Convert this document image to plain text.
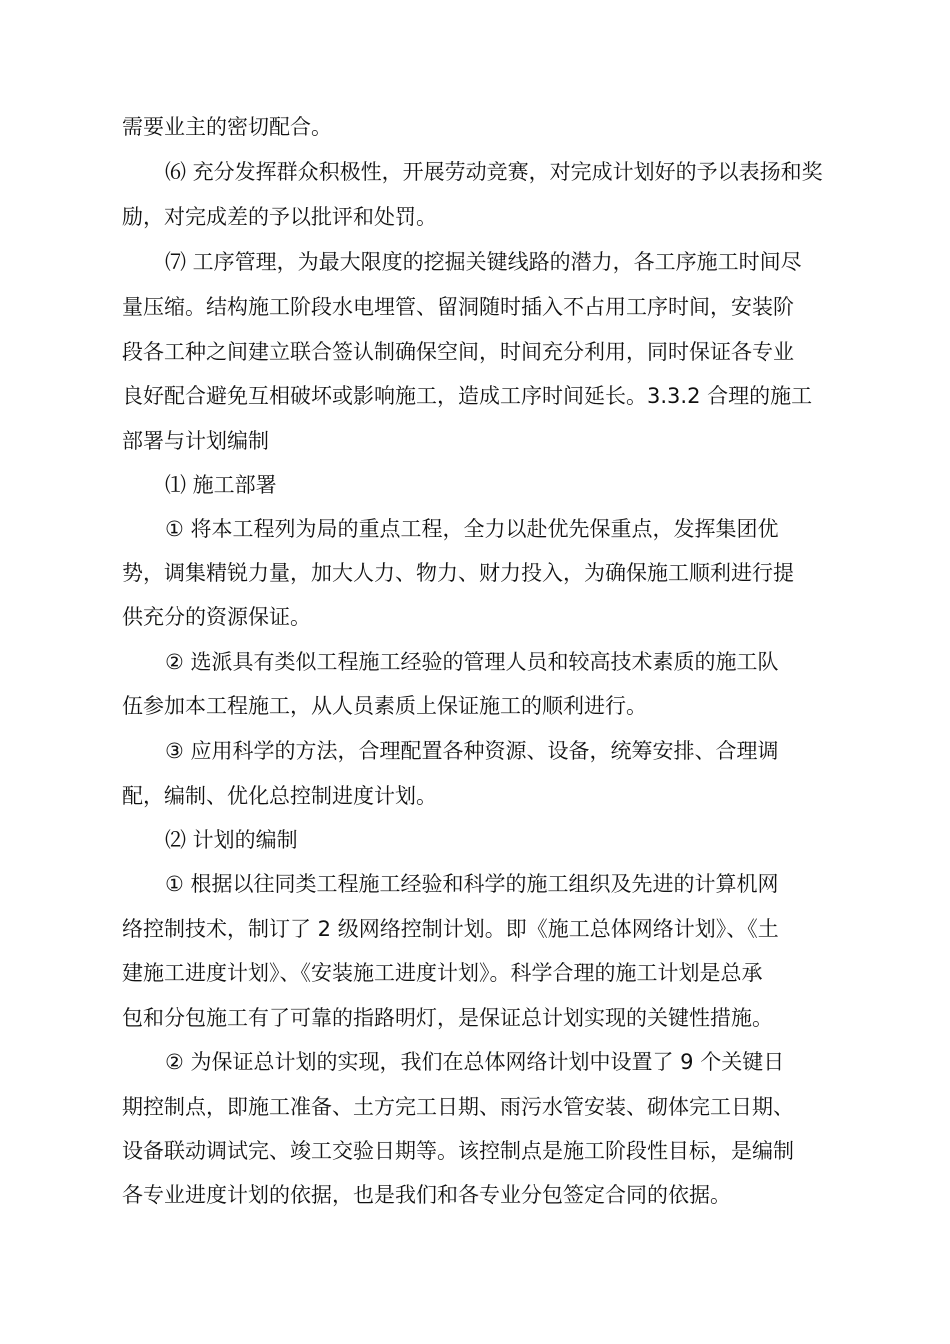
需要业主的密切配合。
⑹ 充分发挥群众积极性，开展劳动竞赛，对完成计划好的予以表扬和奖
励，对完成差的予以批评和处罚。
⑺ 工序管理，为最大限度的挖掘关键线路的潜力，各工序施工时间尽
量压缩。结构施工阶段水电埋管、留洞随时插入不占用工序时间，安装阶
段各工种之间建立联合签认制确保空间，时间充分利用，同时保证各专业
良好配合避免互相破坏或影响施工，造成工序时间延长。3.3.2 合理的施工
部署与计划编制
⑴ 施工部署
① 将本工程列为局的重点工程，全力以赴优先保重点，发挥集团优
势，调集精锐力量，加大人力、物力、财力投入，为确保施工顺利进行提
供充分的资源保证。
② 选派具有类似工程施工经验的管理人员和较高技术素质的施工队
伍参加本工程施工，从人员素质上保证施工的顺利进行。
③ 应用科学的方法，合理配置各种资源、设备，统筹安排、合理调
配，编制、优化总控制进度计划。
⑵ 计划的编制
① 根据以往同类工程施工经验和科学的施工组织及先进的计算机网
络控制技术，制订了 2 级网络控制计划。即《施工总体网络计划》、《土
建施工进度计划》、《安装施工进度计划》。科学合理的施工计划是总承
包和分包施工有了可靠的指路明灯，是保证总计划实现的关键性措施。
② 为保证总计划的实现，我们在总体网络计划中设置了 9 个关键日
期控制点，即施工准备、土方完工日期、雨污水管安装、砌体完工日期、
设备联动调试完、竣工交验日期等。该控制点是施工阶段性目标，是编制
各专业进度计划的依据，也是我们和各专业分包签定合同的依据。
